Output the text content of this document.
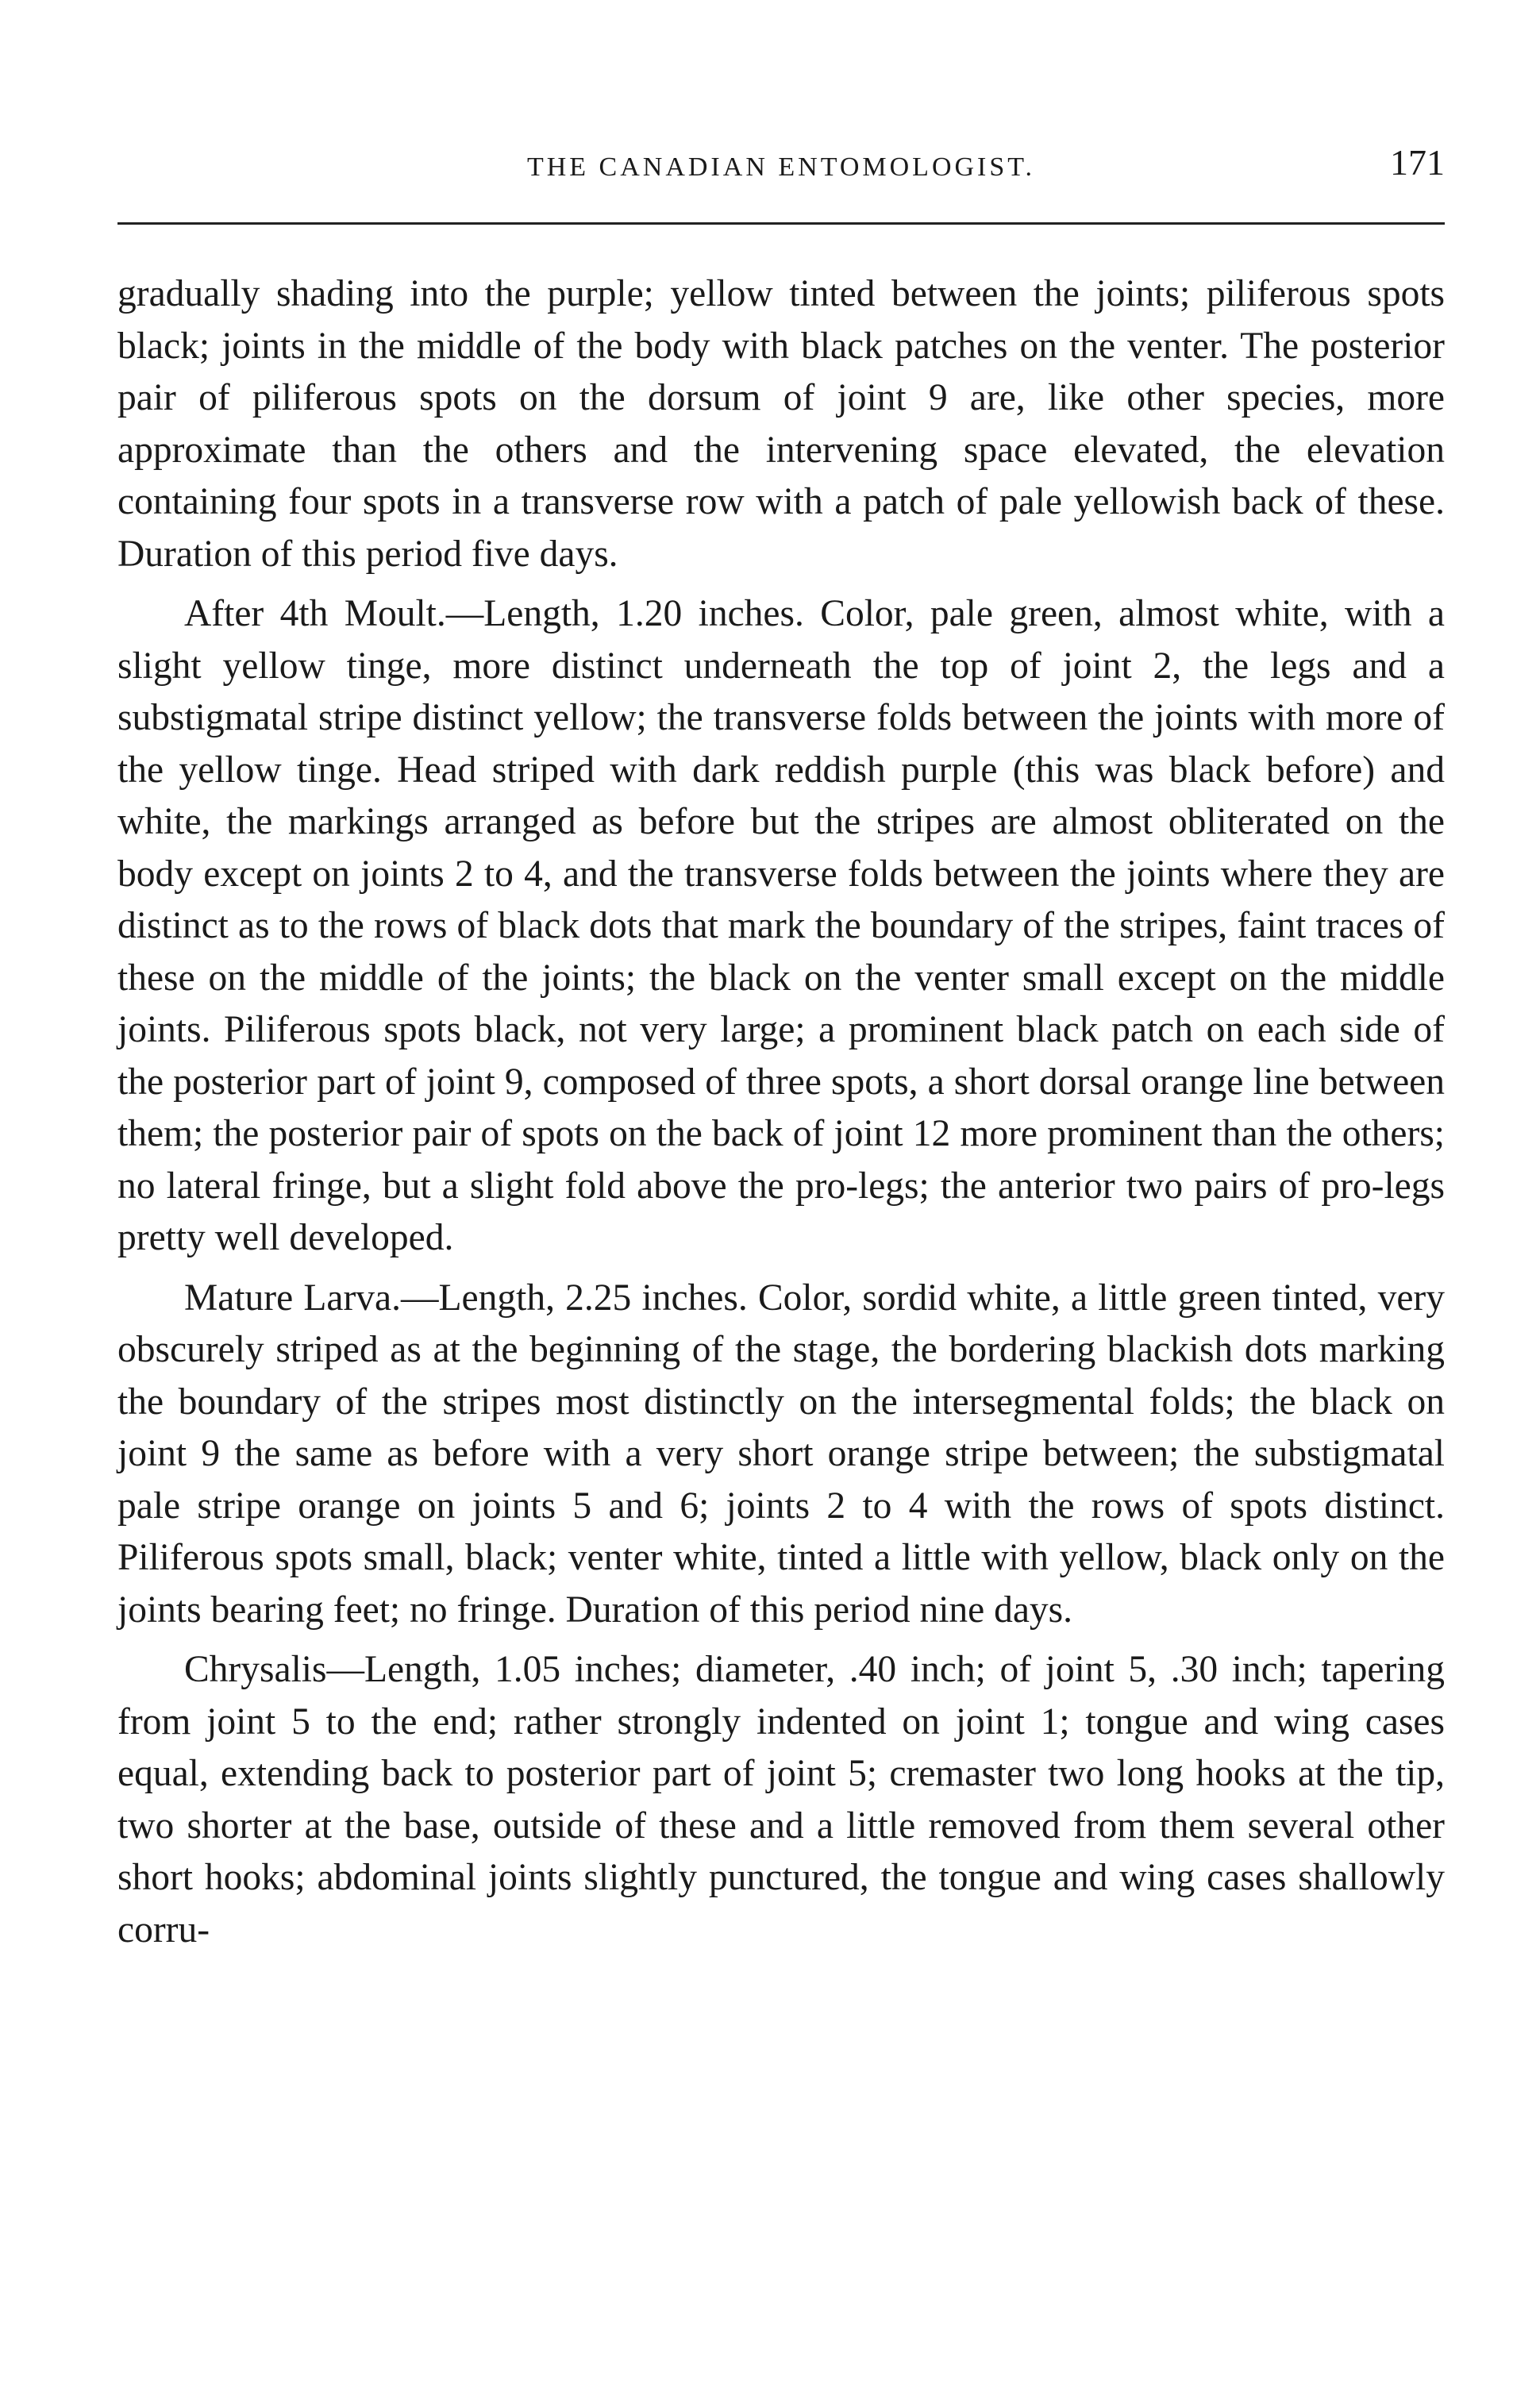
THE CANADIAN ENTOMOLOGIST.	171

gradually shading into the purple; yellow tinted between the joints; piliferous spots black; joints in the middle of the body with black patches on the venter. The posterior pair of piliferous spots on the dorsum of joint 9 are, like other species, more approximate than the others and the intervening space elevated, the elevation containing four spots in a transverse row with a patch of pale yellowish back of these. Duration of this period five days.

After 4th Moult.—Length, 1.20 inches. Color, pale green, almost white, with a slight yellow tinge, more distinct underneath the top of joint 2, the legs and a substigmatal stripe distinct yellow; the transverse folds between the joints with more of the yellow tinge. Head striped with dark reddish purple (this was black before) and white, the markings arranged as before but the stripes are almost obliterated on the body except on joints 2 to 4, and the transverse folds between the joints where they are distinct as to the rows of black dots that mark the boundary of the stripes, faint traces of these on the middle of the joints; the black on the venter small except on the middle joints. Piliferous spots black, not very large; a prominent black patch on each side of the posterior part of joint 9, composed of three spots, a short dorsal orange line between them; the posterior pair of spots on the back of joint 12 more prominent than the others; no lateral fringe, but a slight fold above the pro-legs; the anterior two pairs of pro-legs pretty well developed.

Mature Larva.—Length, 2.25 inches. Color, sordid white, a little green tinted, very obscurely striped as at the beginning of the stage, the bordering blackish dots marking the boundary of the stripes most distinctly on the intersegmental folds; the black on joint 9 the same as before with a very short orange stripe between; the substigmatal pale stripe orange on joints 5 and 6; joints 2 to 4 with the rows of spots distinct. Piliferous spots small, black; venter white, tinted a little with yellow, black only on the joints bearing feet; no fringe. Duration of this period nine days.

Chrysalis—Length, 1.05 inches; diameter, .40 inch; of joint 5, .30 inch; tapering from joint 5 to the end; rather strongly indented on joint 1; tongue and wing cases equal, extending back to posterior part of joint 5; cremaster two long hooks at the tip, two shorter at the base, outside of these and a little removed from them several other short hooks; abdominal joints slightly punctured, the tongue and wing cases shallowly corru-
